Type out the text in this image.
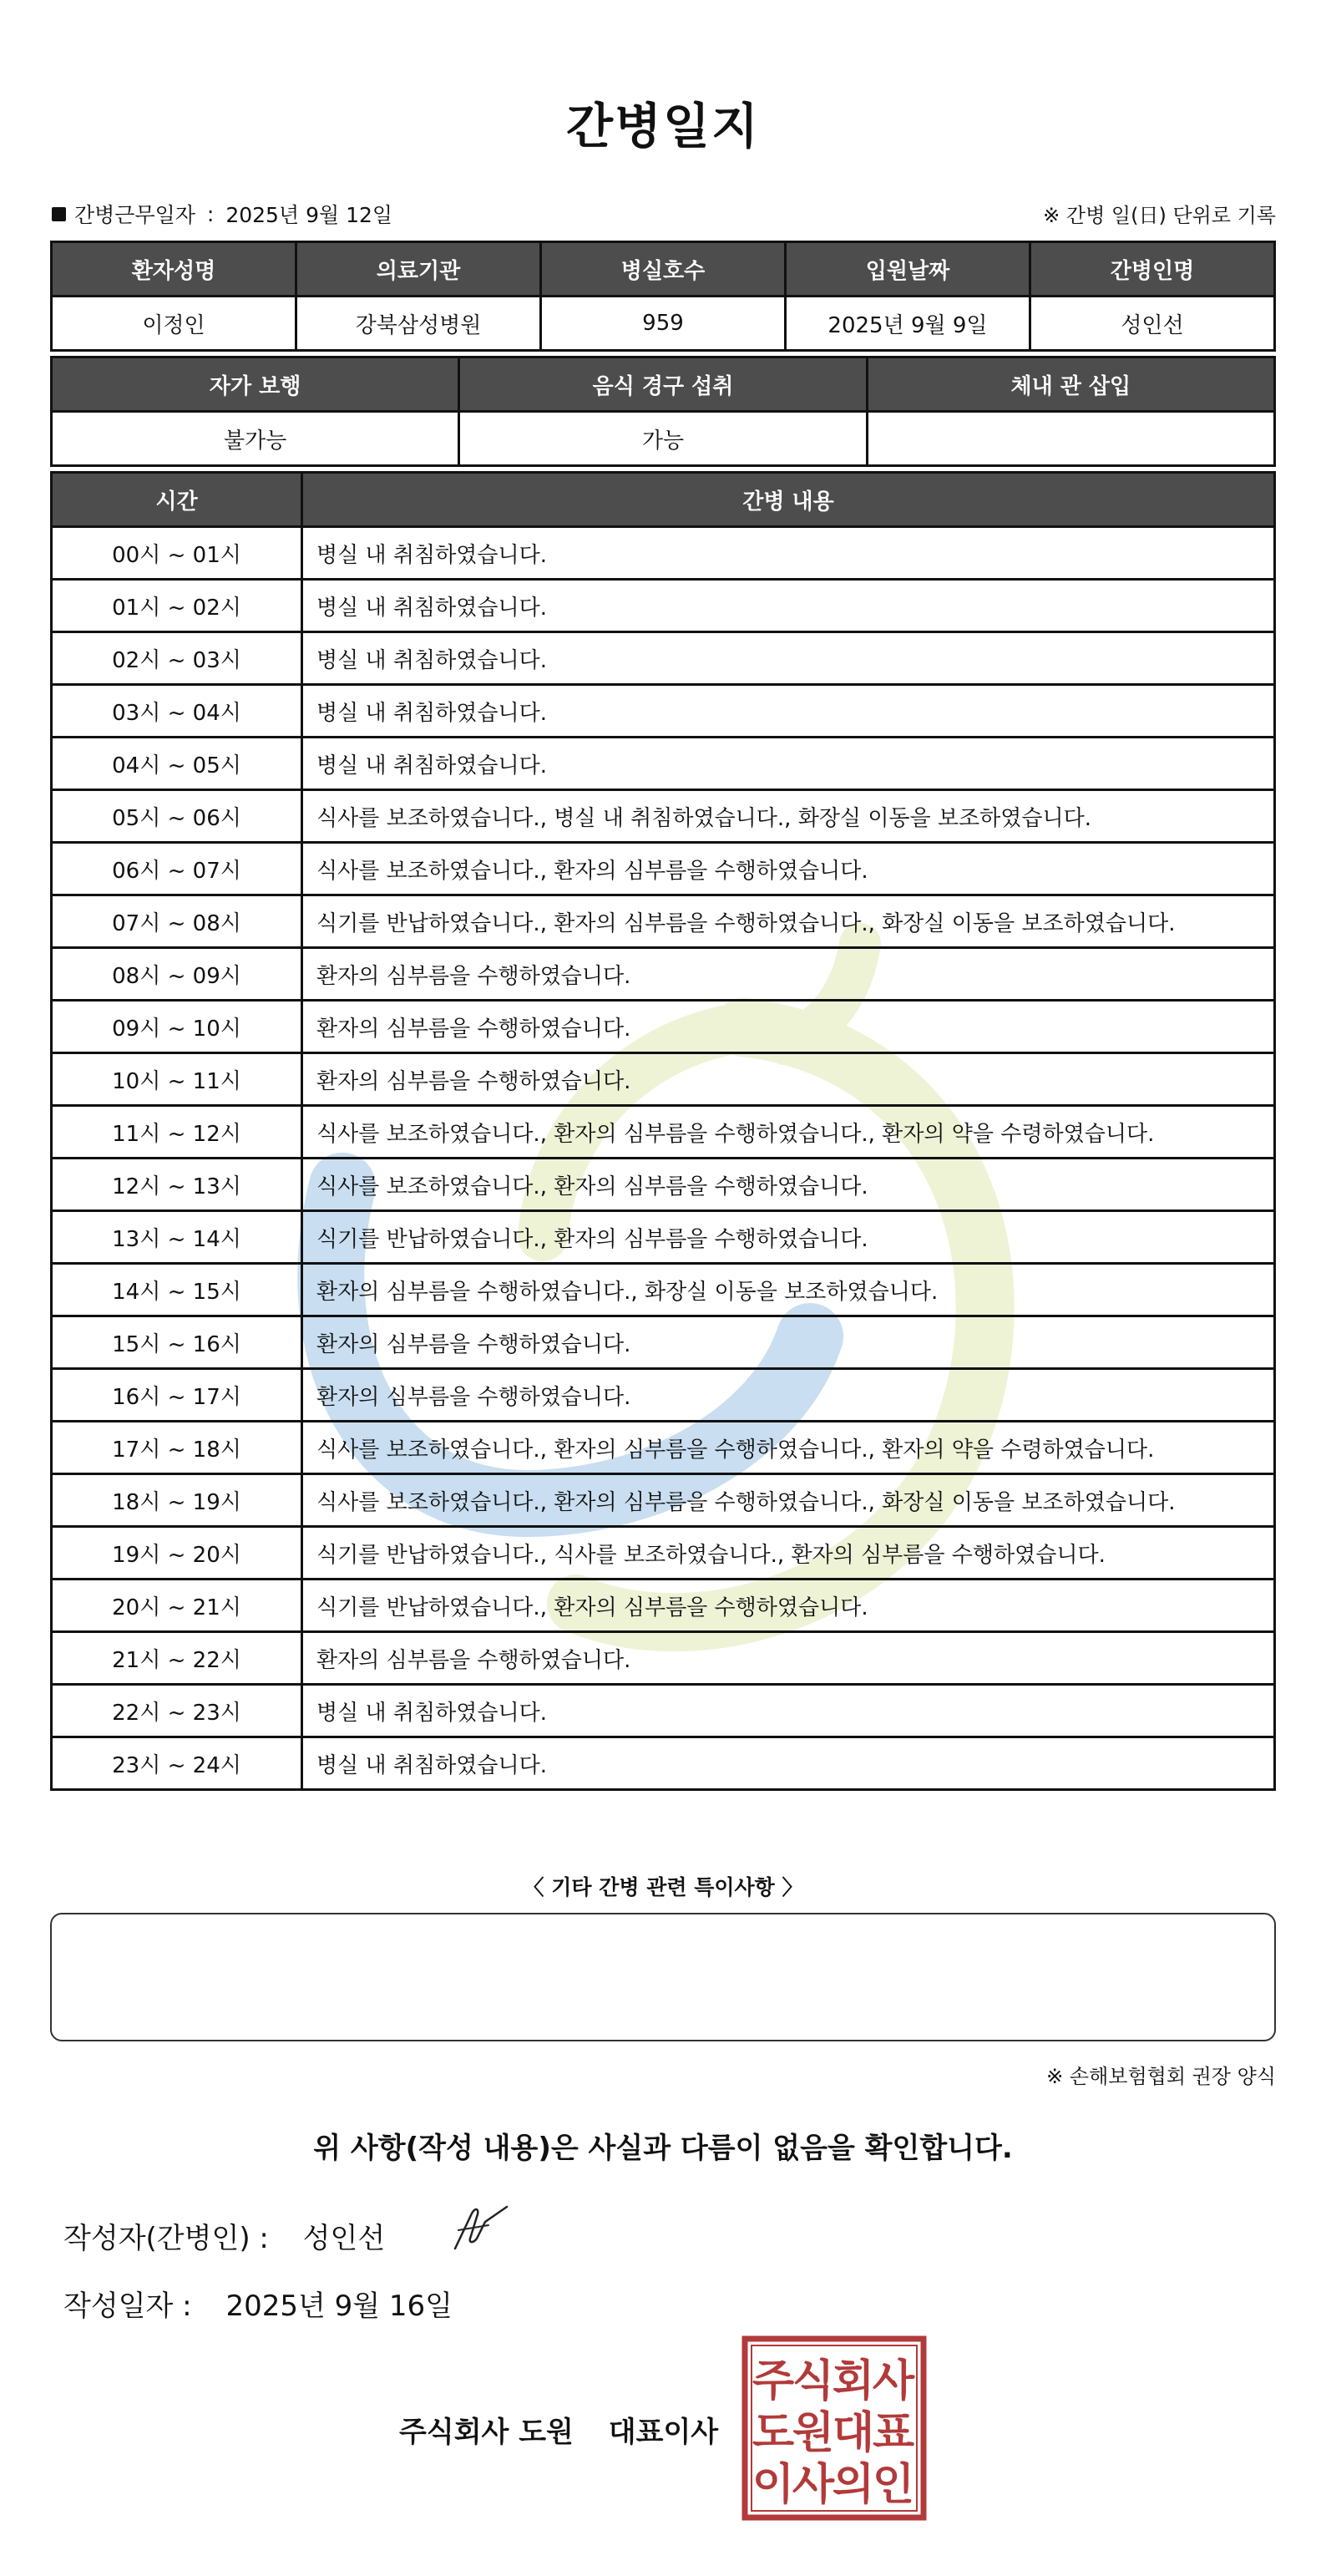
간병일지
간병근무일자 : 2025년 9월 12일	※ 간병 일(日) 단위로 기록
환자성명	의료기관	병실호수	입원날짜	간병인명
이정인	강북삼성병원	959	2025년 9월 9일	성인선
자가 보행	음식 경구 섭취	체내 관 삽입
불가능	가능	
시간	간병 내용
00시 ~ 01시	병실 내 취침하였습니다.
01시 ~ 02시	병실 내 취침하였습니다.
02시 ~ 03시	병실 내 취침하였습니다.
03시 ~ 04시	병실 내 취침하였습니다.
04시 ~ 05시	병실 내 취침하였습니다.
05시 ~ 06시	식사를 보조하였습니다., 병실 내 취침하였습니다., 화장실 이동을 보조하였습니다.
06시 ~ 07시	식사를 보조하였습니다., 환자의 심부름을 수행하였습니다.
07시 ~ 08시	식기를 반납하였습니다., 환자의 심부름을 수행하였습니다., 화장실 이동을 보조하였습니다.
08시 ~ 09시	환자의 심부름을 수행하였습니다.
09시 ~ 10시	환자의 심부름을 수행하였습니다.
10시 ~ 11시	환자의 심부름을 수행하였습니다.
11시 ~ 12시	식사를 보조하였습니다., 환자의 심부름을 수행하였습니다., 환자의 약을 수령하였습니다.
12시 ~ 13시	식사를 보조하였습니다., 환자의 심부름을 수행하였습니다.
13시 ~ 14시	식기를 반납하였습니다., 환자의 심부름을 수행하였습니다.
14시 ~ 15시	환자의 심부름을 수행하였습니다., 화장실 이동을 보조하였습니다.
15시 ~ 16시	환자의 심부름을 수행하였습니다.
16시 ~ 17시	환자의 심부름을 수행하였습니다.
17시 ~ 18시	식사를 보조하였습니다., 환자의 심부름을 수행하였습니다., 환자의 약을 수령하였습니다.
18시 ~ 19시	식사를 보조하였습니다., 환자의 심부름을 수행하였습니다., 화장실 이동을 보조하였습니다.
19시 ~ 20시	식기를 반납하였습니다., 식사를 보조하였습니다., 환자의 심부름을 수행하였습니다.
20시 ~ 21시	식기를 반납하였습니다., 환자의 심부름을 수행하였습니다.
21시 ~ 22시	환자의 심부름을 수행하였습니다.
22시 ~ 23시	병실 내 취침하였습니다.
23시 ~ 24시	병실 내 취침하였습니다.
〈 기타 간병 관련 특이사항 〉
※ 손해보험협회 권장 양식
위 사항(작성 내용)은 사실과 다름이 없음을 확인합니다.
작성자(간병인) : 성인선
작성일자 : 2025년 9월 16일
주식회사 도원 대표이사
주
식
회
사
도
원
대
표
이
사
의
인
